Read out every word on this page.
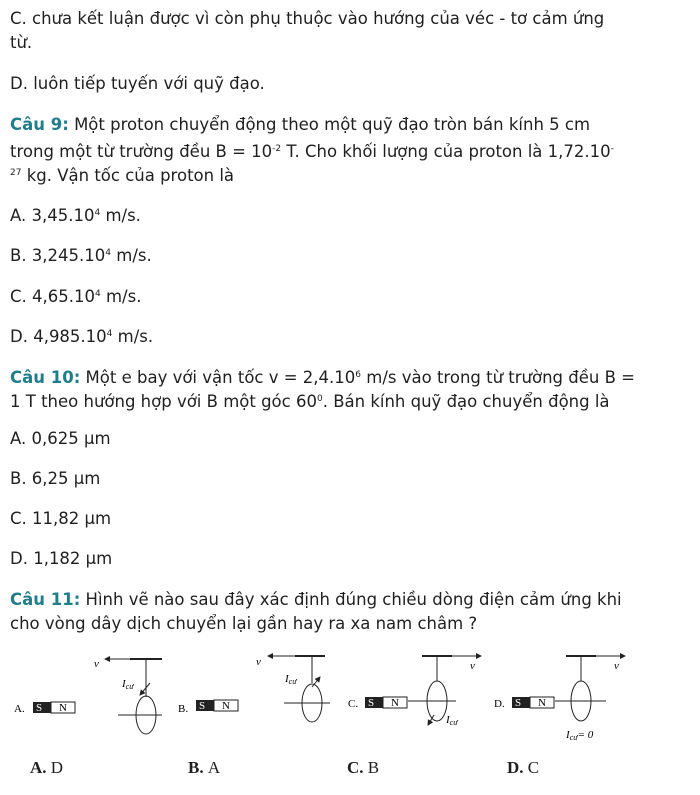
C. chưa kết luận được vì còn phụ thuộc vào hướng của véc - tơ cảm ứng
từ.
D. luôn tiếp tuyến với quỹ đạo.
Câu 9: Một proton chuyển động theo một quỹ đạo tròn bán kính 5 cm
trong một từ trường đều $B = 10^{-2}$ T. Cho khối lượng của proton là 1,72.10-
$^{27}$ kg. Vận tốc của proton là
A. 3,45.10$^4$ m/s.
B. 3,245.10$^4$ m/s.
C. 4,65.10$^4$ m/s.
D. 4,985.10$^4$ m/s.
Câu 10: Một e bay với vận tốc $v = 2,4.10^6$ m/s vào trong từ trường đều B =
1 T theo hướng hợp với B một góc $60^0$. Bán kính quỹ đạo chuyển động là
A. 0,625 μm
B. 6,25 μm
C. 11,82 μm
D. 1,182 μm
Câu 11: Hình vẽ nào sau đây xác định đúng chiều dòng điện cảm ứng khi
cho vòng dây dịch chuyển lại gần hay ra xa nam châm ?
A. S N
v
Icư
B. S N
v
Icư
C. S N
v
Icư
D. S N
v
Icư= 0
A. D	B. A	C. B	D. C
